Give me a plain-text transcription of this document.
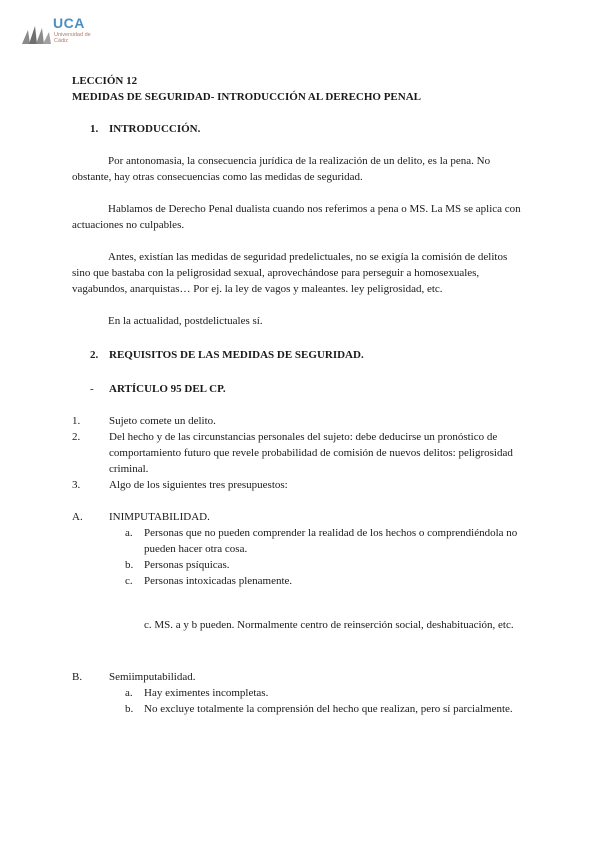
UCA
Universidad de Cádiz

LECCIÓN 12

MEDIDAS DE SEGURIDAD- INTRODUCCIÓN AL DERECHO PENAL

1. INTRODUCCIÓN.

Por antonomasia, la consecuencia jurídica de la realización de un delito, es la pena. No obstante, hay otras consecuencias como las medidas de seguridad.

Hablamos de Derecho Penal dualista cuando nos referimos a pena o MS. La MS se aplica con actuaciones no culpables.

Antes, existían las medidas de seguridad predelictuales, no se exigía la comisión de delitos sino que bastaba con la peligrosidad sexual, aprovechándose para perseguir a homosexuales, vagabundos, anarquistas… Por ej. la ley de vagos y maleantes. ley peligrosidad, etc.

En la actualidad, postdelictuales sí.

2. REQUISITOS DE LAS MEDIDAS DE SEGURIDAD.
- ARTÍCULO 95 DEL CP.
1.	Sujeto comete un delito.
2.	Del hecho y de las circunstancias personales del sujeto: debe deducirse un pronóstico de comportamiento futuro que revele probabilidad de comisión de nuevos delitos: peligrosidad criminal.
3.	Algo de los siguientes tres presupuestos:
A. INIMPUTABILIDAD.
a. Personas que no pueden comprender la realidad de los hechos o comprendiéndola no pueden hacer otra cosa.
b. Personas psíquicas.
c. Personas intoxicadas plenamente.

c. MS. a y b pueden. Normalmente centro de reinserción social, deshabituación, etc.

B. Semiimputabilidad.
a. Hay eximentes incompletas.
b. No excluye totalmente la comprensión del hecho que realizan, pero sí parcialmente.
